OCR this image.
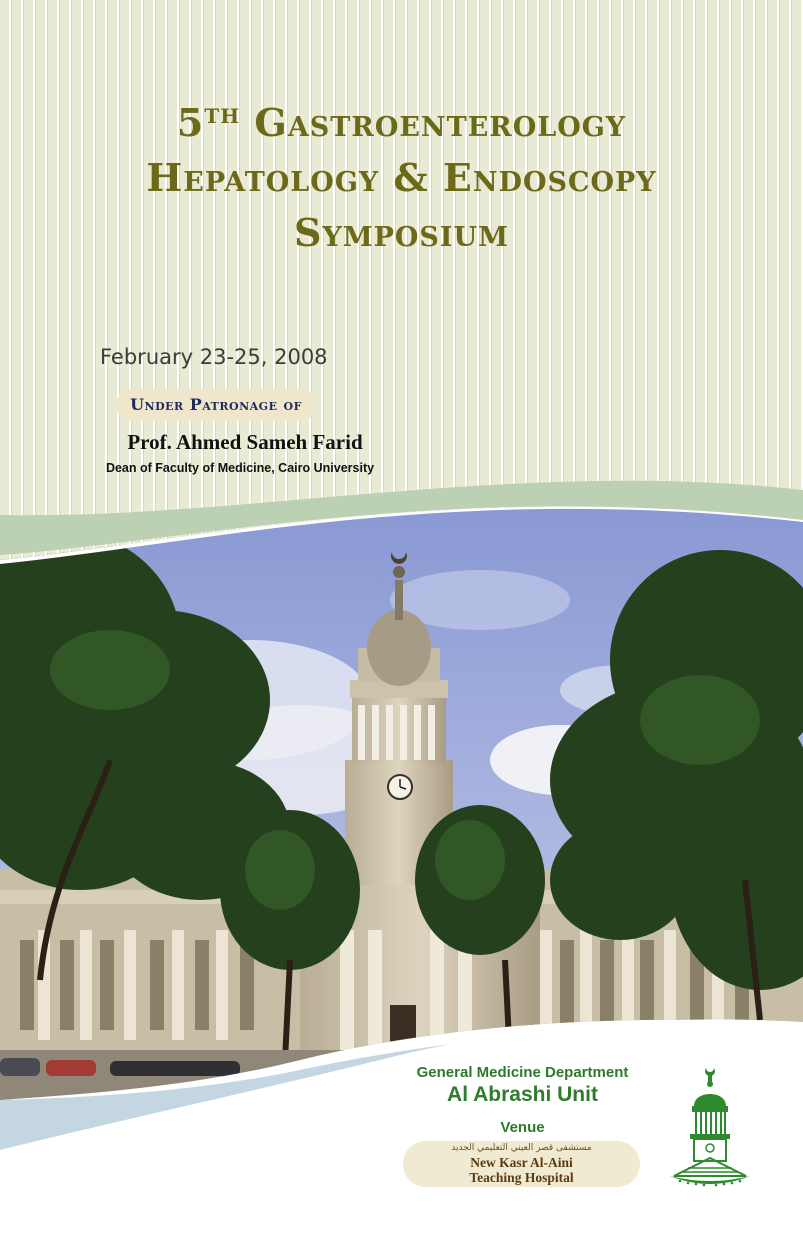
5TH Gastroenterology
Hepatology & Endoscopy
Symposium
February 23-25, 2008
Under Patronage of
Prof. Ahmed Sameh Farid
Dean of Faculty of Medicine, Cairo University
General Medicine Department
Al Abrashi Unit
Venue
مستشفى قصر العيني التعليمي الجديد
New Kasr Al-Aini
Teaching Hospital
